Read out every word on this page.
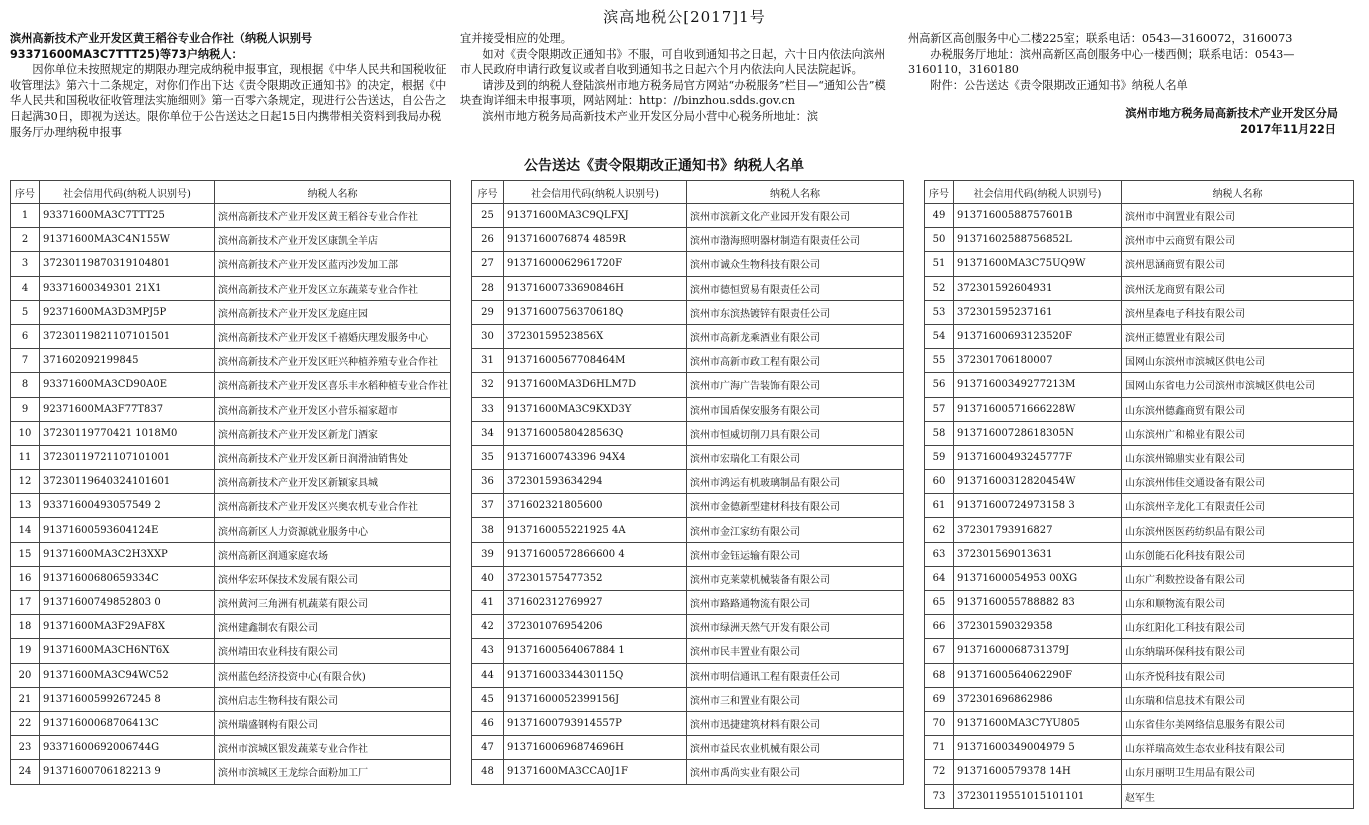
滨高地税公[2017]1号

滨州高新技术产业开发区黄王稻谷专业合作社（纳税人识别号93371600MA3C7TTT25)等73户纳税人：

因你单位未按照规定的期限办理完成纳税申报事宜，现根据《中华人民共和国税收征收管理法》第六十二条规定，对你们作出下达《责令限期改正通知书》的决定，根据《中华人民共和国税收征收管理法实施细则》第一百零六条规定，现进行公告送达，自公告之日起满30日，即视为送达。限你单位于公告送达之日起15日内携带相关资料到我局办税服务厅办理纳税申报事

宜并接受相应的处理。

如对《责令限期改正通知书》不服，可自收到通知书之日起，六十日内依法向滨州市人民政府申请行政复议或者自收到通知书之日起六个月内依法向人民法院起诉。

请涉及到的纳税人登陆滨州市地方税务局官方网站“办税服务”栏目—“通知公告”模块查询详细未申报事项，网站网址：http：//binzhou.sdds.gov.cn

滨州市地方税务局高新技术产业开发区分局小营中心税务所地址：滨

州高新区高创服务中心二楼225室；联系电话：0543—3160072，3160073

办税服务厅地址：滨州高新区高创服务中心一楼西侧；联系电话：0543—3160110，3160180

附件：公告送达《责令限期改正通知书》纳税人名单

滨州市地方税务局高新技术产业开发区分局

2017年11月22日

公告送达《责令限期改正通知书》纳税人名单
序号	社会信用代码(纳税人识别号)	纳税人名称
1	93371600MA3C7TTT25	滨州高新技术产业开发区黄王稻谷专业合作社
2	91371600MA3C4N155W	滨州高新技术产业开发区康凯全羊店
3	37230119870319104801	滨州高新技术产业开发区蓝丙沙发加工部
4	93371600349301 21X1	滨州高新技术产业开发区立东蔬菜专业合作社
5	92371600MA3D3MPJ5P	滨州高新技术产业开发区龙庭庄园
6	37230119821107101501	滨州高新技术产业开发区千禧婚庆理发服务中心
7	371602092199845	滨州高新技术产业开发区旺兴种植养殖专业合作社
8	93371600MA3CD90A0E	滨州高新技术产业开发区喜乐丰水稻种植专业合作社
9	92371600MA3F77T837	滨州高新技术产业开发区小营乐福家超市
10	37230119770421 1018M0	滨州高新技术产业开发区新龙门酒家
11	37230119721107101001	滨州高新技术产业开发区新日润滑油销售处
12	37230119640324101601	滨州高新技术产业开发区新颖家具城
13	93371600493057549 2	滨州高新技术产业开发区兴奥农机专业合作社
14	91371600593604124E	滨州高新区人力资源就业服务中心
15	91371600MA3C2H3XXP	滨州高新区润通家庭农场
16	91371600680659334C	滨州华宏环保技术发展有限公司
17	91371600749852803 0	滨州黄河三角洲有机蔬菜有限公司
18	91371600MA3F29AF8X	滨州建鑫制农有限公司
19	91371600MA3CH6NT6X	滨州靖田农业科技有限公司
20	91371600MA3C94WC52	滨州蓝色经济投资中心(有限合伙)
21	91371600599267245 8	滨州启志生物科技有限公司
22	91371600068706413C	滨州瑞盛钢构有限公司
23	93371600692006744G	滨州市滨城区银发蔬菜专业合作社
24	91371600706182213 9	滨州市滨城区王龙综合面粉加工厂
序号	社会信用代码(纳税人识别号)	纳税人名称
25	91371600MA3C9QLFXJ	滨州市滨新文化产业园开发有限公司
26	9137160076874 4859R	滨州市渤海照明器材制造有限责任公司
27	91371600062961720F	滨州市诚众生物科技有限公司
28	91371600733690846H	滨州市德恒贸易有限责任公司
29	91371600756370618Q	滨州市东滨热镀锌有限责任公司
30	37230159523856X	滨州市高新龙乘酒业有限公司
31	91371600567708464M	滨州市高新市政工程有限公司
32	91371600MA3D6HLM7D	滨州市广海广告装饰有限公司
33	91371600MA3C9KXD3Y	滨州市国盾保安服务有限公司
34	91371600580428563Q	滨州市恒威切削刀具有限公司
35	91371600743396 94X4	滨州市宏瑞化工有限公司
36	372301593634294	滨州市鸿运有机玻璃制品有限公司
37	371602321805600	滨州市金德新型建材科技有限公司
38	9137160055221925 4A	滨州市金江家纺有限公司
39	91371600572866600 4	滨州市金钰运输有限公司
40	372301575477352	滨州市克莱蒙机械装备有限公司
41	371602312769927	滨州市路路通物流有限公司
42	372301076954206	滨州市绿洲天然气开发有限公司
43	91371600564067884 1	滨州市民丰置业有限公司
44	91371600334430115Q	滨州市明信通讯工程有限责任公司
45	91371600052399156J	滨州市三和置业有限公司
46	91371600793914557P	滨州市迅捷建筑材料有限公司
47	91371600696874696H	滨州市益民农业机械有限公司
48	91371600MA3CCA0J1F	滨州市禹尚实业有限公司
序号	社会信用代码(纳税人识别号)	纳税人名称
49	91371600588757601B	滨州市中润置业有限公司
50	91371602588756852L	滨州市中云商贸有限公司
51	91371600MA3C75UQ9W	滨州思涵商贸有限公司
52	372301592604931	滨州沃龙商贸有限公司
53	372301595237161	滨州星森电子科技有限公司
54	91371600693123520F	滨州正德置业有限公司
55	372301706180007	国网山东滨州市滨城区供电公司
56	91371600349277213M	国网山东省电力公司滨州市滨城区供电公司
57	91371600571666228W	山东滨州德鑫商贸有限公司
58	91371600728618305N	山东滨州广和棉业有限公司
59	91371600493245777F	山东滨州锦鼎实业有限公司
60	91371600312820454W	山东滨州伟佳交通设备有限公司
61	91371600724973158 3	山东滨州辛龙化工有限责任公司
62	372301793916827	山东滨州医医药纺织品有限公司
63	372301569013631	山东创能石化科技有限公司
64	91371600054953 00XG	山东广利数控设备有限公司
65	9137160055788882 83	山东和顺物流有限公司
66	372301590329358	山东红阳化工科技有限公司
67	91371600068731379J	山东纳瑞环保科技有限公司
68	91371600564062290F	山东齐悦科技有限公司
69	372301696862986	山东瑞和信息技术有限公司
70	91371600MA3C7YU805	山东省佳尔美网络信息服务有限公司
71	91371600349004979 5	山东祥瑞高效生态农业科技有限公司
72	91371600579378 14H	山东月丽明卫生用品有限公司
73	37230119551015101101	赵军生
